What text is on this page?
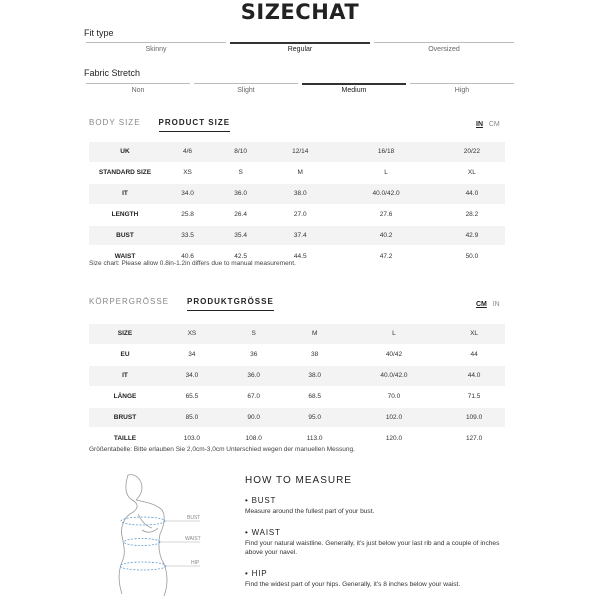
SIZECHAT
Fit type
Skinny	Regular	Oversized
Fabric Stretch
Non	Slight	Medium	High
BODY SIZE PRODUCT SIZE	IN CM
UK	4/6	8/10	12/14	16/18	20/22
STANDARD SIZE	XS	S	M	L	XL
IT	34.0	36.0	38.0	40.0/42.0	44.0
LENGTH	25.8	26.4	27.0	27.6	28.2
BUST	33.5	35.4	37.4	40.2	42.9
WAIST	40.6	42.5	44.5	47.2	50.0
Size chart: Please allow 0.8in-1.2in differs due to manual measurement.
KÖRPERGRÖSSE PRODUKTGRÖSSE	CM IN
SIZE	XS	S	M	L	XL
EU	34	36	38	40/42	44
IT	34.0	36.0	38.0	40.0/42.0	44.0
LÄNGE	65.5	67.0	68.5	70.0	71.5
BRUST	85.0	90.0	95.0	102.0	109.0
TAILLE	103.0	108.0	113.0	120.0	127.0
Größentabelle: Bitte erlauben Sie 2,0cm-3,0cm Unterschied wegen der manuellen Messung.
BUST
WAIST
HIP
HOW TO MEASURE
• BUST
Measure around the fullest part of your bust.
• WAIST
Find your natural waistline. Generally, it's just below your last rib and a couple of inches above your navel.
• HIP
Find the widest part of your hips. Generally, it's 8 inches below your waist.
